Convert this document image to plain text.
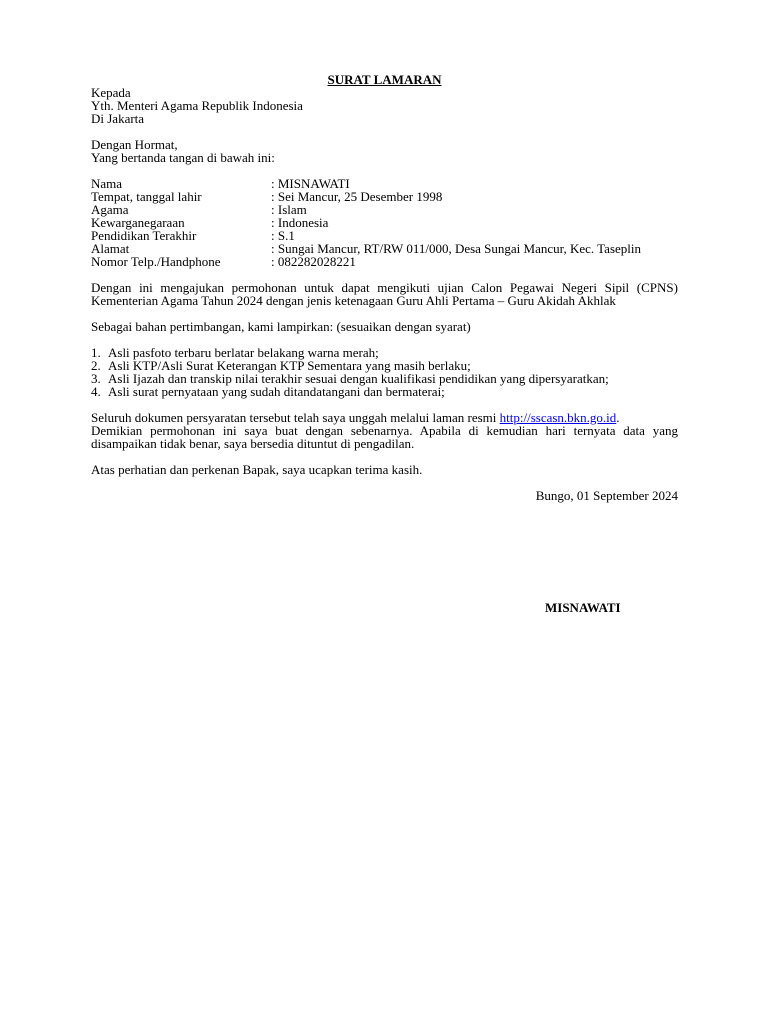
SURAT LAMARAN
Kepada
Yth. Menteri Agama Republik Indonesia
Di Jakarta
Dengan Hormat,
Yang bertanda tangan di bawah ini:
Nama	: MISNAWATI
Tempat, tanggal lahir	: Sei Mancur, 25 Desember 1998
Agama	: Islam
Kewarganegaraan	: Indonesia
Pendidikan Terakhir	: S.1
Alamat	: Sungai Mancur, RT/RW 011/000, Desa Sungai Mancur, Kec. Taseplin
Nomor Telp./Handphone	: 082282028221
Dengan ini mengajukan permohonan untuk dapat mengikuti ujian Calon Pegawai Negeri Sipil (CPNS)
Kementerian Agama Tahun 2024 dengan jenis ketenagaan Guru Ahli Pertama – Guru Akidah Akhlak
Sebagai bahan pertimbangan, kami lampirkan: (sesuaikan dengan syarat)
1. Asli pasfoto terbaru berlatar belakang warna merah;
2. Asli KTP/Asli Surat Keterangan KTP Sementara yang masih berlaku;
3. Asli Ijazah dan transkip nilai terakhir sesuai dengan kualifikasi pendidikan yang dipersyaratkan;
4. Asli surat pernyataan yang sudah ditandatangani dan bermaterai;
Seluruh dokumen persyaratan tersebut telah saya unggah melalui laman resmi http://sscasn.bkn.go.id.
Demikian permohonan ini saya buat dengan sebenarnya. Apabila di kemudian hari ternyata data yang
disampaikan tidak benar, saya bersedia dituntut di pengadilan.
Atas perhatian dan perkenan Bapak, saya ucapkan terima kasih.
Bungo, 01 September 2024
MISNAWATI
